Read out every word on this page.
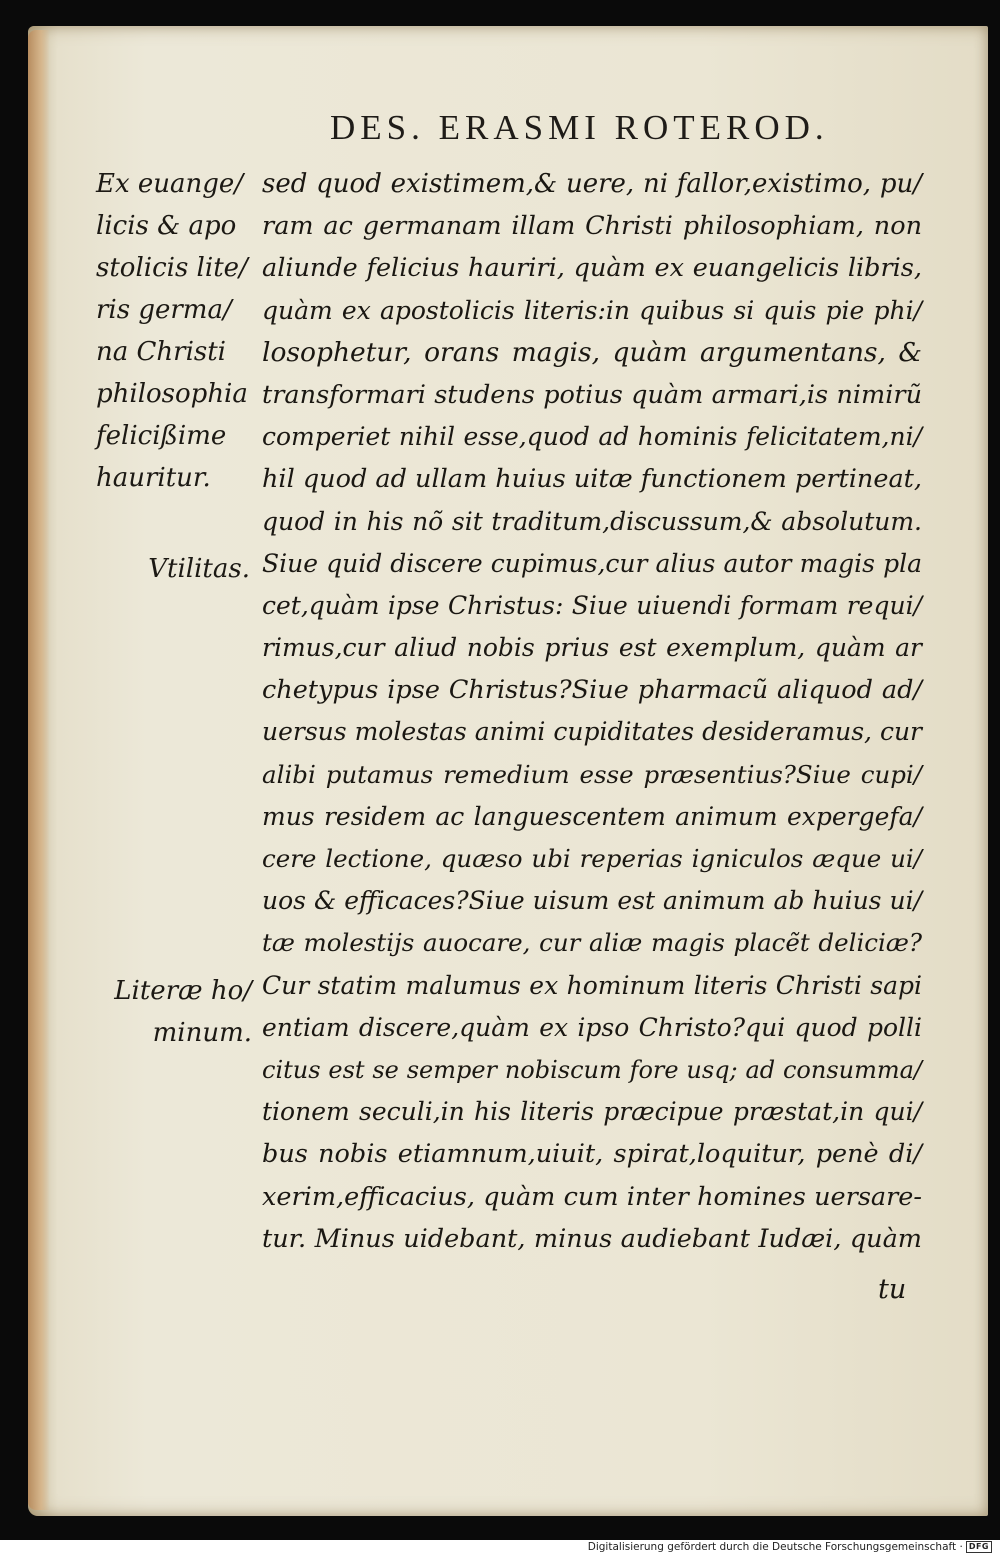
DES. ERASMI ROTEROD.
Ex euange/
licis & apo
stolicis lite/
ris germa/
na Christi
philosophia
felicißime
hauritur.
Vtilitas.
Literæ ho/
minum.
sed quod existimem,& uere, ni fallor,existimo, pu/
ram ac germanam illam Christi philosophiam, non
aliunde felicius hauriri, quàm ex euangelicis libris,
quàm ex apostolicis literis:in quibus si quis pie phi/
losophetur, orans magis, quàm argumentans, &
transformari studens potius quàm armari,is nimirũ
comperiet nihil esse,quod ad hominis felicitatem,ni/
hil quod ad ullam huius uitæ functionem pertineat,
quod in his nõ sit traditum,discussum,& absolutum.
Siue quid discere cupimus,cur alius autor magis pla
cet,quàm ipse Christus: Siue uiuendi formam requi/
rimus,cur aliud nobis prius est exemplum, quàm ar
chetypus ipse Christus?Siue pharmacũ aliquod ad/
uersus molestas animi cupiditates desideramus, cur
alibi putamus remedium esse præsentius?Siue cupi/
mus residem ac languescentem animum expergefa/
cere lectione, quæso ubi reperias igniculos æque ui/
uos & efficaces?Siue uisum est animum ab huius ui/
tæ molestijs auocare, cur aliæ magis placẽt deliciæ?
Cur statim malumus ex hominum literis Christi sapi
entiam discere,quàm ex ipso Christo?qui quod polli
citus est se semper nobiscum fore usq; ad consumma/
tionem seculi,in his literis præcipue præstat,in qui/
bus nobis etiamnum,uiuit, spirat,loquitur, penè di/
xerim,efficacius, quàm cum inter homines uersare-
tur. Minus uidebant, minus audiebant Iudæi, quàm
tu
Digitalisierung gefördert durch die Deutsche Forschungsgemeinschaft · DFG
